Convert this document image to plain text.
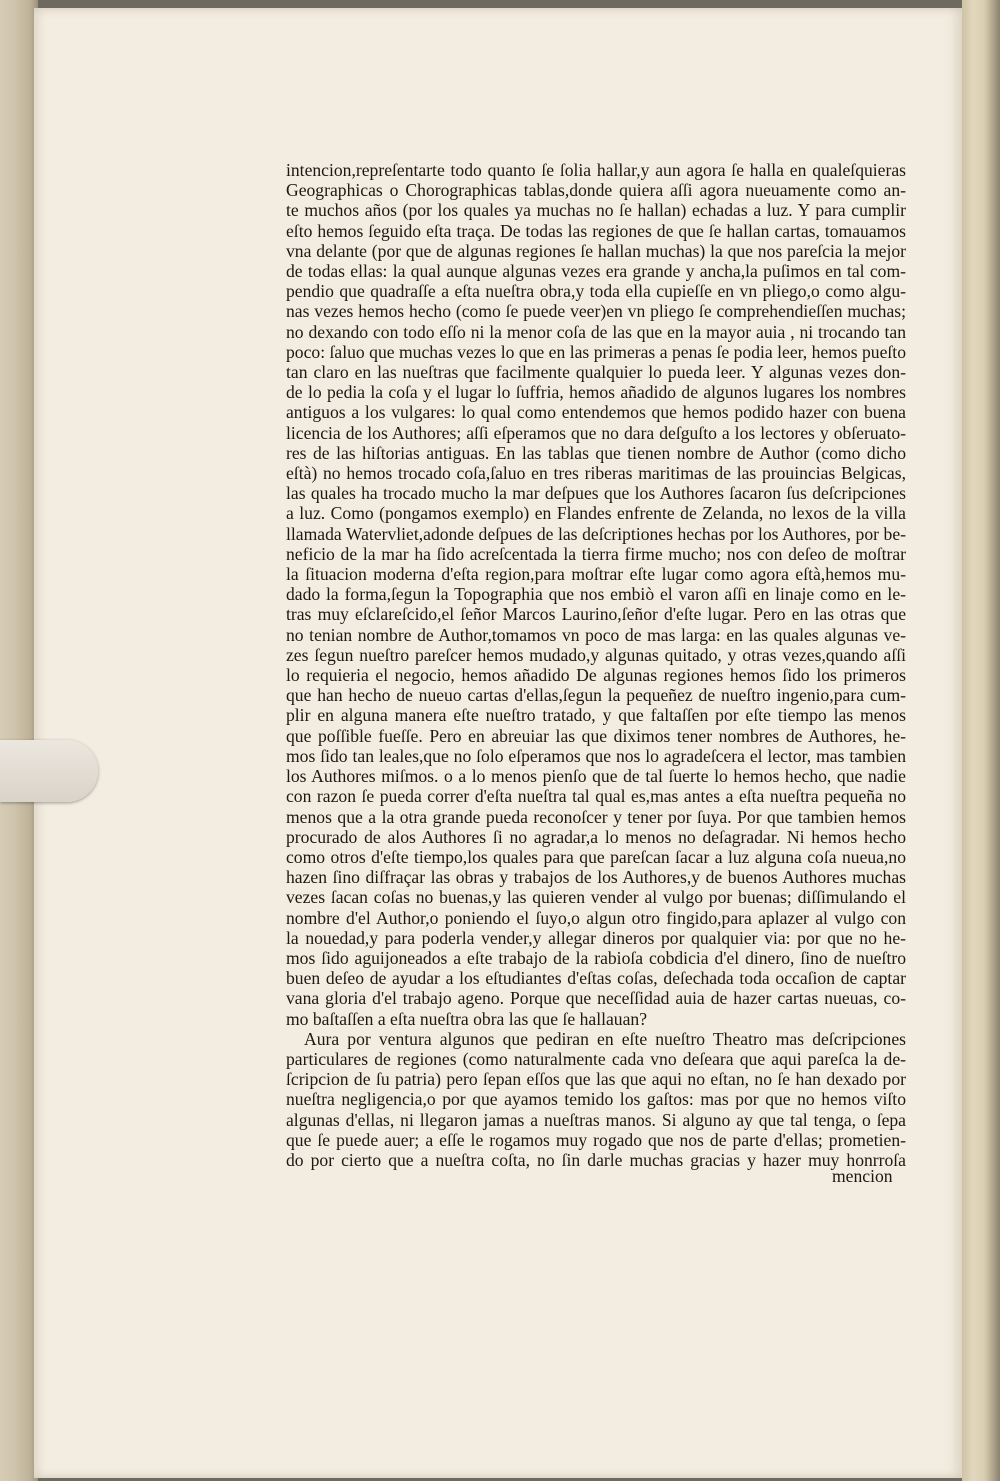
intencion,repreſentarte todo quanto ſe ſolia hallar,y aun agora ſe halla en qualeſquieras
Geographicas o Chorographicas tablas,donde quiera aſſi agora nueuamente como an-
te muchos años (por los quales ya muchas no ſe hallan) echadas a luz. Y para cumplir
eſto hemos ſeguido eſta traça. De todas las regiones de que ſe hallan cartas, tomauamos
vna delante (por que de algunas regiones ſe hallan muchas) la que nos pareſcia la mejor
de todas ellas: la qual aunque algunas vezes era grande y ancha,la puſimos en tal com-
pendio que quadraſſe a eſta nueſtra obra,y toda ella cupieſſe en vn pliego,o como algu-
nas vezes hemos hecho (como ſe puede veer)en vn pliego ſe comprehendieſſen muchas;
no dexando con todo eſſo ni la menor coſa de las que en la mayor auia , ni trocando tan
poco: ſaluo que muchas vezes lo que en las primeras a penas ſe podia leer, hemos pueſto
tan claro en las nueſtras que facilmente qualquier lo pueda leer. Y algunas vezes don-
de lo pedia la coſa y el lugar lo ſuffria, hemos añadido de algunos lugares los nombres
antiguos a los vulgares: lo qual como entendemos que hemos podido hazer con buena
licencia de los Authores; aſſi eſperamos que no dara deſguſto a los lectores y obſeruato-
res de las hiſtorias antiguas. En las tablas que tienen nombre de Author (como dicho
eſtà) no hemos trocado coſa,ſaluo en tres riberas maritimas de las prouincias Belgicas,
las quales ha trocado mucho la mar deſpues que los Authores ſacaron ſus deſcripciones
a luz. Como (pongamos exemplo) en Flandes enfrente de Zelanda, no lexos de la villa
llamada Watervliet,adonde deſpues de las deſcriptiones hechas por los Authores, por be-
neficio de la mar ha ſido acreſcentada la tierra firme mucho; nos con deſeo de moſtrar
la ſituacion moderna d'eſta region,para moſtrar eſte lugar como agora eſtà,hemos mu-
dado la forma,ſegun la Topographia que nos embiò el varon aſſi en linaje como en le-
tras muy eſclareſcido,el ſeñor Marcos Laurino,ſeñor d'eſte lugar. Pero en las otras que
no tenian nombre de Author,tomamos vn poco de mas larga: en las quales algunas ve-
zes ſegun nueſtro pareſcer hemos mudado,y algunas quitado, y otras vezes,quando aſſi
lo requieria el negocio, hemos añadido De algunas regiones hemos ſido los primeros
que han hecho de nueuo cartas d'ellas,ſegun la pequeñez de nueſtro ingenio,para cum-
plir en alguna manera eſte nueſtro tratado, y que faltaſſen por eſte tiempo las menos
que poſſible fueſſe. Pero en abreuiar las que diximos tener nombres de Authores, he-
mos ſido tan leales,que no ſolo eſperamos que nos lo agradeſcera el lector, mas tambien
los Authores miſmos. o a lo menos pienſo que de tal ſuerte lo hemos hecho, que nadie
con razon ſe pueda correr d'eſta nueſtra tal qual es,mas antes a eſta nueſtra pequeña no
menos que a la otra grande pueda reconoſcer y tener por ſuya. Por que tambien hemos
procurado de alos Authores ſi no agradar,a lo menos no deſagradar. Ni hemos hecho
como otros d'eſte tiempo,los quales para que pareſcan ſacar a luz alguna coſa nueua,no
hazen ſino diſfraçar las obras y trabajos de los Authores,y de buenos Authores muchas
vezes ſacan coſas no buenas,y las quieren vender al vulgo por buenas; diſſimulando el
nombre d'el Author,o poniendo el ſuyo,o algun otro fingido,para aplazer al vulgo con
la nouedad,y para poderla vender,y allegar dineros por qualquier via: por que no he-
mos ſido aguijoneados a eſte trabajo de la rabioſa cobdicia d'el dinero, ſino de nueſtro
buen deſeo de ayudar a los eſtudiantes d'eſtas coſas, deſechada toda occaſion de captar
vana gloria d'el trabajo ageno. Porque que neceſſidad auia de hazer cartas nueuas, co-
mo baſtaſſen a eſta nueſtra obra las que ſe hallauan?
Aura por ventura algunos que pediran en eſte nueſtro Theatro mas deſcripciones
particulares de regiones (como naturalmente cada vno deſeara que aqui pareſca la de-
ſcripcion de ſu patria) pero ſepan eſſos que las que aqui no eſtan, no ſe han dexado por
nueſtra negligencia,o por que ayamos temido los gaſtos: mas por que no hemos viſto
algunas d'ellas, ni llegaron jamas a nueſtras manos. Si alguno ay que tal tenga, o ſepa
que ſe puede auer; a eſſe le rogamos muy rogado que nos de parte d'ellas; prometien-
do por cierto que a nueſtra coſta, no ſin darle muchas gracias y hazer muy honrroſa
mencion
